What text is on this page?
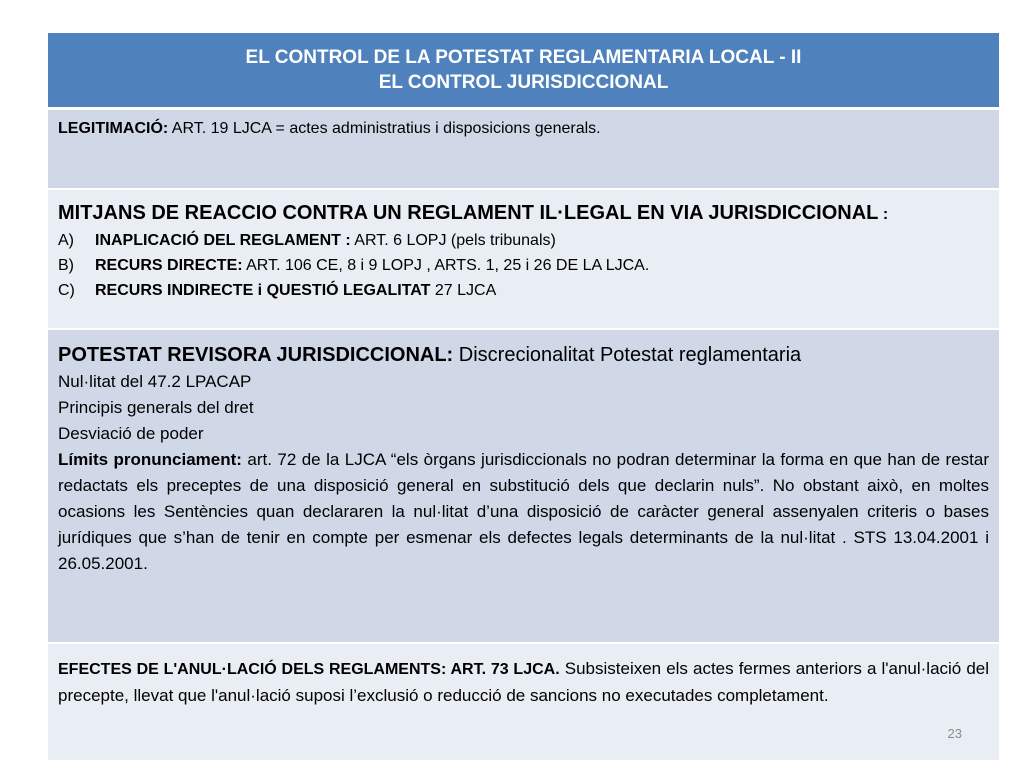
EL CONTROL DE LA POTESTAT REGLAMENTARIA LOCAL - II
EL CONTROL JURISDICCIONAL

LEGITIMACIÓ: ART. 19 LJCA = actes administratius i disposicions generals.

MITJANS DE REACCIO CONTRA UN REGLAMENT IL·LEGAL EN VIA JURISDICCIONAL :
A)	INAPLICACIÓ DEL REGLAMENT : ART. 6 LOPJ (pels tribunals)
B)	RECURS DIRECTE: ART. 106 CE, 8 i 9 LOPJ , ARTS. 1, 25 i 26 DE LA LJCA.
C)	RECURS INDIRECTE i QUESTIÓ LEGALITAT 27 LJCA

POTESTAT REVISORA JURISDICCIONAL: Discrecionalitat Potestat reglamentaria
Nul·litat del 47.2 LPACAP
Principis generals del dret
Desviació de poder
Límits pronunciament: art. 72 de la LJCA “els òrgans jurisdiccionals no podran determinar la forma en que han de restar redactats els preceptes de una disposició general en substitució dels que declarin nuls”. No obstant això, en moltes ocasions les Sentències quan declararen la nul·litat d’una disposició de caràcter general assenyalen criteris o bases jurídiques que s’han de tenir en compte per esmenar els defectes legals determinants de la nul·litat . STS 13.04.2001 i 26.05.2001.

EFECTES DE L'ANUL·LACIÓ DELS REGLAMENTS: ART. 73 LJCA. Subsisteixen els actes fermes anteriors a l'anul·lació del precepte, llevat que l'anul·lació suposi l’exclusió o reducció de sancions no executades completament.
23
